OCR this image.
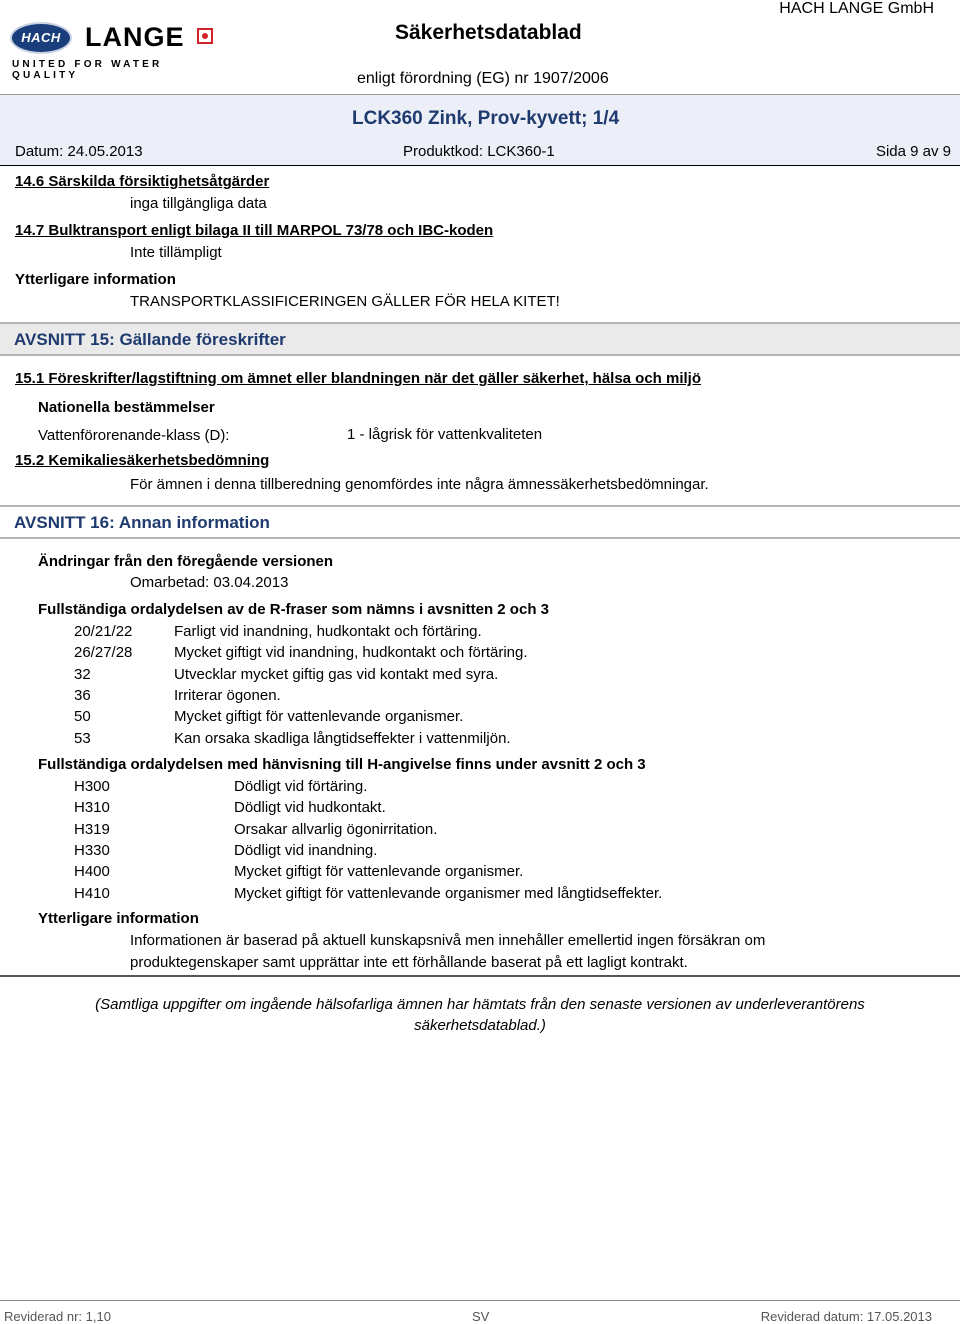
HACH LANGE
UNITED FOR WATER QUALITY
Säkerhetsdatablad
HACH LANGE GmbH
enligt förordning (EG) nr 1907/2006
LCK360 Zink, Prov-kyvett; 1/4
Datum: 24.05.2013	Produktkod: LCK360-1	Sida 9 av 9
14.6 Särskilda försiktighetsåtgärder
inga tillgängliga data
14.7 Bulktransport enligt bilaga II till MARPOL 73/78 och IBC-koden
Inte tillämpligt
Ytterligare information
TRANSPORTKLASSIFICERINGEN GÄLLER FÖR HELA KITET!
AVSNITT 15: Gällande föreskrifter
15.1 Föreskrifter/lagstiftning om ämnet eller blandningen när det gäller säkerhet, hälsa och miljö
Nationella bestämmelser
Vattenförorenande-klass (D):	1 - lågrisk för vattenkvaliteten
15.2 Kemikaliesäkerhetsbedömning
För ämnen i denna tillberedning genomfördes inte några ämnessäkerhetsbedömningar.
AVSNITT 16: Annan information
Ändringar från den föregående versionen
Omarbetad: 03.04.2013
Fullständiga ordalydelsen av de R-fraser som nämns i avsnitten 2 och 3
20/21/22	Farligt vid inandning, hudkontakt och förtäring.
26/27/28	Mycket giftigt vid inandning, hudkontakt och förtäring.
32	Utvecklar mycket giftig gas vid kontakt med syra.
36	Irriterar ögonen.
50	Mycket giftigt för vattenlevande organismer.
53	Kan orsaka skadliga långtidseffekter i vattenmiljön.
Fullständiga ordalydelsen med hänvisning till H-angivelse finns under avsnitt 2 och 3
H300	Dödligt vid förtäring.
H310	Dödligt vid hudkontakt.
H319	Orsakar allvarlig ögonirritation.
H330	Dödligt vid inandning.
H400	Mycket giftigt för vattenlevande organismer.
H410	Mycket giftigt för vattenlevande organismer med långtidseffekter.
Ytterligare information
Informationen är baserad på aktuell kunskapsnivå men innehåller emellertid ingen försäkran om
produktegenskaper samt upprättar inte ett förhållande baserat på ett lagligt kontrakt.
(Samtliga uppgifter om ingående hälsofarliga ämnen har hämtats från den senaste versionen av underleverantörens
säkerhetsdatablad.)
Reviderad nr: 1,10	SV	Reviderad datum: 17.05.2013
